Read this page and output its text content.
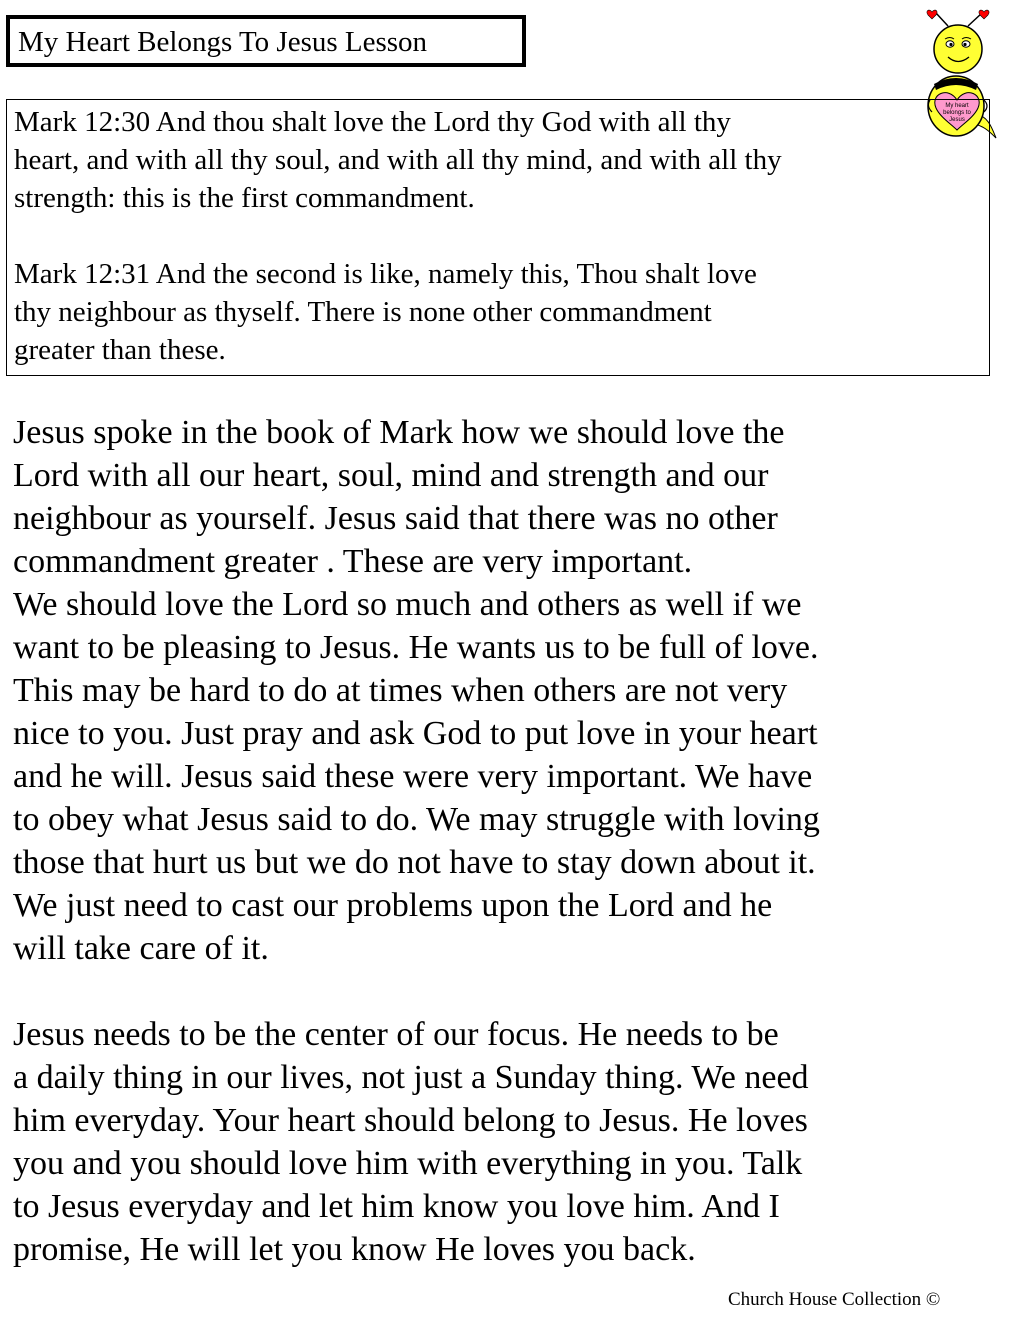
My Heart Belongs To Jesus Lesson
My heart
belongs to
Jesus

Mark 12:30 And thou shalt love the Lord thy God with all thy
heart, and with all thy soul, and with all thy mind, and with all thy
strength: this is the first commandment.

Mark 12:31 And the second is like, namely this, Thou shalt love
thy neighbour as thyself. There is none other commandment
greater than these.

Jesus spoke in the book of Mark how we should love the
Lord with all our heart, soul, mind and strength and our
neighbour as yourself. Jesus said that there was no other
commandment greater . These are very important.
We should love the Lord so much and others as well if we
want to be pleasing to Jesus. He wants us to be full of love.
This may be hard to do at times when others are not very
nice to you. Just pray and ask God to put love in your heart
and he will. Jesus said these were very important. We have
to obey what Jesus said to do. We may struggle with loving
those that hurt us but we do not have to stay down about it.
We just need to cast our problems upon the Lord and he
will take care of it.

Jesus needs to be the center of our focus. He needs to be
a daily thing in our lives, not just a Sunday thing. We need
him everyday. Your heart should belong to Jesus. He loves
you and you should love him with everything in you. Talk
to Jesus everyday and let him know you love him. And I
promise, He will let you know He loves you back.

Church House Collection ©
